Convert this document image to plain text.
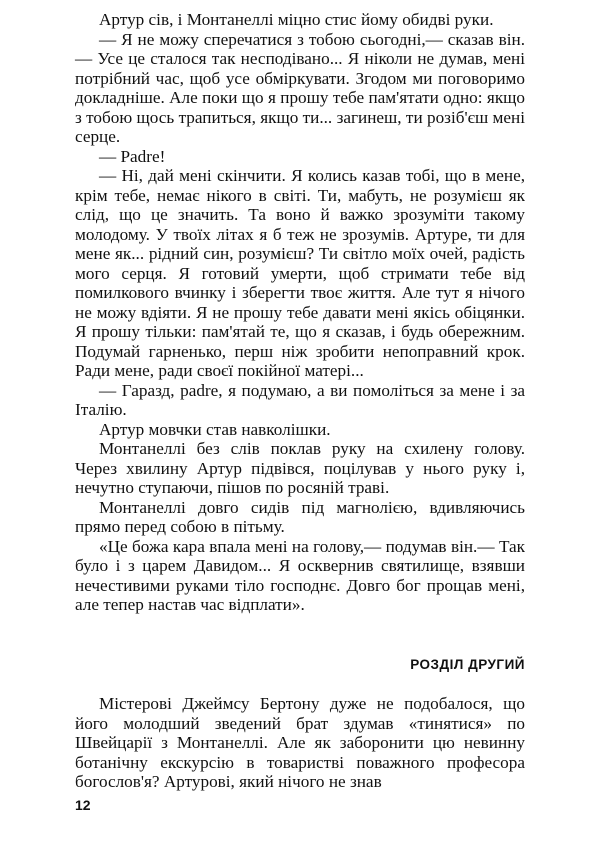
Артур сів, і Монтанеллі міцно стис йому обидві руки.

— Я не можу сперечатися з тобою сьогодні,— сказав він.— Усе це сталося так несподівано... Я ніколи не думав, мені потрібний час, щоб усе обміркувати. Згодом ми поговоримо докладніше. Але поки що я прошу тебе пам'ятати одно: якщо з тобою щось трапиться, якщо ти... загинеш, ти розіб'єш мені серце.

— Padre!

— Ні, дай мені скінчити. Я колись казав тобі, що в мене, крім тебе, немає нікого в світі. Ти, мабуть, не розумієш як слід, що це значить. Та воно й важко зрозуміти такому молодому. У твоїх літах я б теж не зрозумів. Артуре, ти для мене як... рідний син, розумієш? Ти світло моїх очей, радість мого серця. Я готовий умерти, щоб стримати тебе від помилкового вчинку і зберегти твоє життя. Але тут я нічого не можу вдіяти. Я не прошу тебе давати мені якісь обіцянки. Я прошу тільки: пам'ятай те, що я сказав, і будь обережним. Подумай гарненько, перш ніж зробити непоправний крок. Ради мене, ради своєї покійної матері...

— Гаразд, padre, я подумаю, а ви помоліться за мене і за Італію.

Артур мовчки став навколішки.

Монтанеллі без слів поклав руку на схилену голову. Через хвилину Артур підвівся, поцілував у нього руку і, нечутно ступаючи, пішов по росяній траві.

Монтанеллі довго сидів під магнолією, вдивляючись прямо перед собою в пітьму.

«Це божа кара впала мені на голову,— подумав він.— Так було і з царем Давидом... Я осквернив святилище, взявши нечестивими руками тіло господнє. Довго бог прощав мені, але тепер настав час відплати».

РОЗДІЛ ДРУГИЙ

Містерові Джеймсу Бертону дуже не подобалося, що його молодший зведений брат здумав «тинятися» по Швейцарії з Монтанеллі. Але як заборонити цю невинну ботанічну екскурсію в товаристві поважного професора богослов'я? Артурові, який нічого не знав

12
